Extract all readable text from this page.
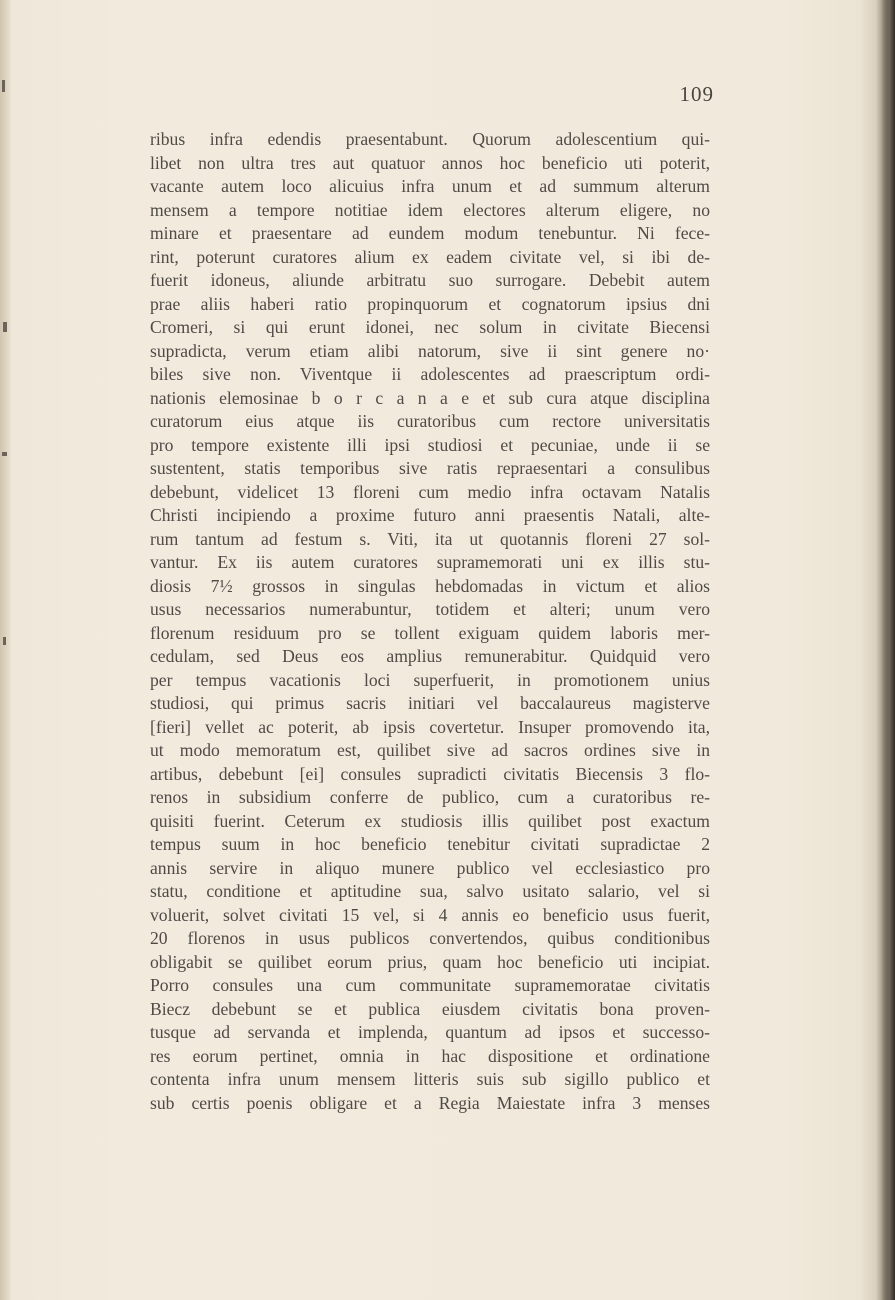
109
ribus infra edendis praesentabunt. Quorum adolescentium qui-
libet non ultra tres aut quatuor annos hoc beneficio uti poterit,
vacante autem loco alicuius infra unum et ad summum alterum
mensem a tempore notitiae idem electores alterum eligere, no
minare et praesentare ad eundem modum tenebuntur. Ni fece-
rint, poterunt curatores alium ex eadem civitate vel, si ibi de-
fuerit idoneus, aliunde arbitratu suo surrogare. Debebit autem
prae aliis haberi ratio propinquorum et cognatorum ipsius dni
Cromeri, si qui erunt idonei, nec solum in civitate Biecensi
supradicta, verum etiam alibi natorum, sive ii sint genere no·
biles sive non. Viventque ii adolescentes ad praescriptum ordi-
nationis elemosinae b o r c a n a e et sub cura atque disciplina
curatorum eius atque iis curatoribus cum rectore universitatis
pro tempore existente illi ipsi studiosi et pecuniae, unde ii se
sustentent, statis temporibus sive ratis repraesentari a consulibus
debebunt, videlicet 13 floreni cum medio infra octavam Natalis
Christi incipiendo a proxime futuro anni praesentis Natali, alte-
rum tantum ad festum s. Viti, ita ut quotannis floreni 27 sol-
vantur. Ex iis autem curatores supramemorati uni ex illis stu-
diosis 7½ grossos in singulas hebdomadas in victum et alios
usus necessarios numerabuntur, totidem et alteri; unum vero
florenum residuum pro se tollent exiguam quidem laboris mer-
cedulam, sed Deus eos amplius remunerabitur. Quidquid vero
per tempus vacationis loci superfuerit, in promotionem unius
studiosi, qui primus sacris initiari vel baccalaureus magisterve
[fieri] vellet ac poterit, ab ipsis covertetur. Insuper promovendo ita,
ut modo memoratum est, quilibet sive ad sacros ordines sive in
artibus, debebunt [ei] consules supradicti civitatis Biecensis 3 flo-
renos in subsidium conferre de publico, cum a curatoribus re-
quisiti fuerint. Ceterum ex studiosis illis quilibet post exactum
tempus suum in hoc beneficio tenebitur civitati supradictae 2
annis servire in aliquo munere publico vel ecclesiastico pro
statu, conditione et aptitudine sua, salvo usitato salario, vel si
voluerit, solvet civitati 15 vel, si 4 annis eo beneficio usus fuerit,
20 florenos in usus publicos convertendos, quibus conditionibus
obligabit se quilibet eorum prius, quam hoc beneficio uti incipiat.
Porro consules una cum communitate supramemoratae civitatis
Biecz debebunt se et publica eiusdem civitatis bona proven-
tusque ad servanda et implenda, quantum ad ipsos et successo-
res eorum pertinet, omnia in hac dispositione et ordinatione
contenta infra unum mensem litteris suis sub sigillo publico et
sub certis poenis obligare et a Regia Maiestate infra 3 menses
